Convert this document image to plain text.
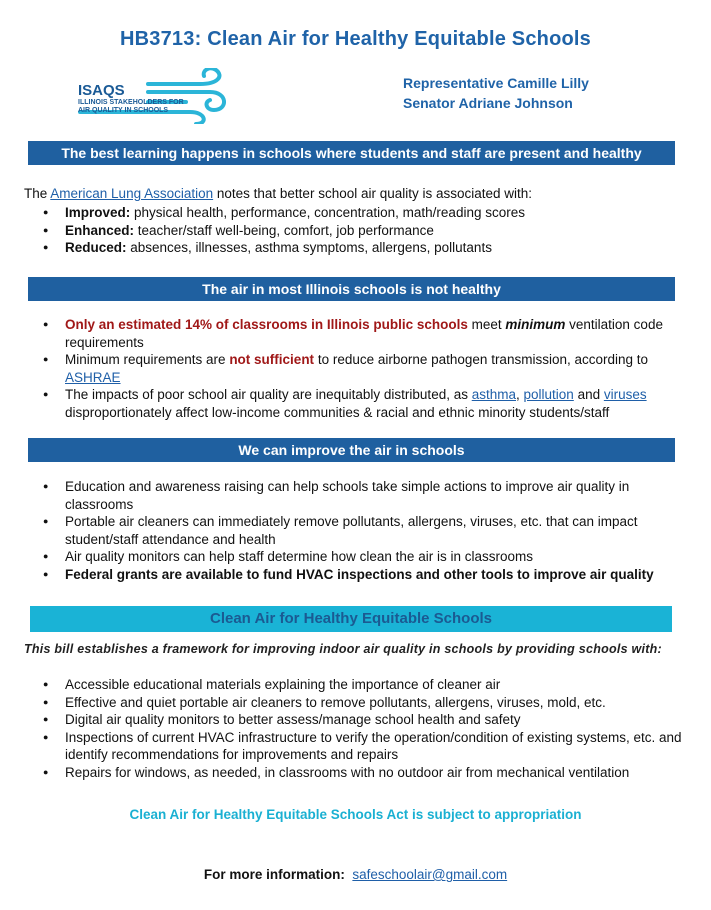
HB3713: Clean Air for Healthy Equitable Schools
ISAQS
ILLINOIS STAKEHOLDERS FOR
AIR QUALITY IN SCHOOLS
Representative Camille Lilly
Senator Adriane Johnson
The best learning happens in schools where students and staff are present and healthy
The American Lung Association notes that better school air quality is associated with:
● Improved: physical health, performance, concentration, math/reading scores
● Enhanced: teacher/staff well-being, comfort, job performance
● Reduced: absences, illnesses, asthma symptoms, allergens, pollutants
The air in most Illinois schools is not healthy
● Only an estimated 14% of classrooms in Illinois public schools meet minimum ventilation code requirements
● Minimum requirements are not sufficient to reduce airborne pathogen transmission, according to ASHRAE
● The impacts of poor school air quality are inequitably distributed, as asthma, pollution and viruses disproportionately affect low-income communities & racial and ethnic minority students/staff
We can improve the air in schools
● Education and awareness raising can help schools take simple actions to improve air quality in classrooms
● Portable air cleaners can immediately remove pollutants, allergens, viruses, etc. that can impact student/staff attendance and health
● Air quality monitors can help staff determine how clean the air is in classrooms
● Federal grants are available to fund HVAC inspections and other tools to improve air quality
Clean Air for Healthy Equitable Schools
This bill establishes a framework for improving indoor air quality in schools by providing schools with:
● Accessible educational materials explaining the importance of cleaner air
● Effective and quiet portable air cleaners to remove pollutants, allergens, viruses, mold, etc.
● Digital air quality monitors to better assess/manage school health and safety
● Inspections of current HVAC infrastructure to verify the operation/condition of existing systems, etc. and identify recommendations for improvements and repairs
● Repairs for windows, as needed, in classrooms with no outdoor air from mechanical ventilation
Clean Air for Healthy Equitable Schools Act is subject to appropriation
For more information: safeschoolair@gmail.com
